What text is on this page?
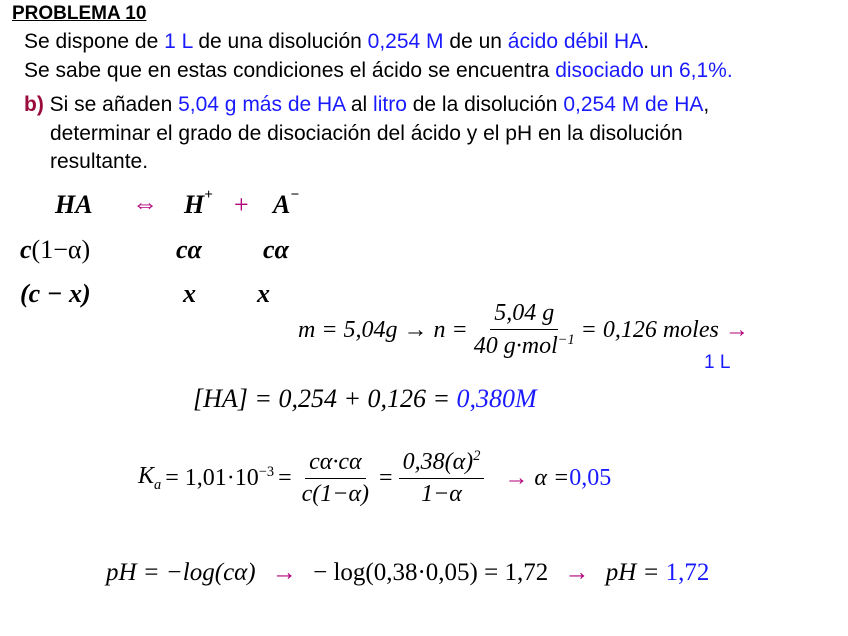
PROBLEMA 10
Se dispone de 1 L de una disolución 0,254 M de un ácido débil HA.
Se sabe que en estas condiciones el ácido se encuentra disociado un 6,1%.
b) Si se añaden 5,04 g más de HA al litro de la disolución 0,254 M de HA,
determinar el grado de disociación del ácido y el pH en la disolución
resultante.
HA ⇔ H+ + A−
c(1−α)	cα cα
(c − x)	x x
$m = 5,04g \to n = \frac{5,04 g}{40 g\cdot mol^{-1}} = 0,126$ moles →
1 L
[HA] = 0,254 + 0,126 = 0,380M
$K_a = 1,01\cdot 10^{-3} = \frac{c\alpha\cdot c\alpha}{c(1-\alpha)} = \frac{0,38(\alpha)^2}{1-\alpha} \to \alpha = 0,05$
pH = −log(cα) → − log(0,38·0,05) = 1,72 → pH = 1,72
